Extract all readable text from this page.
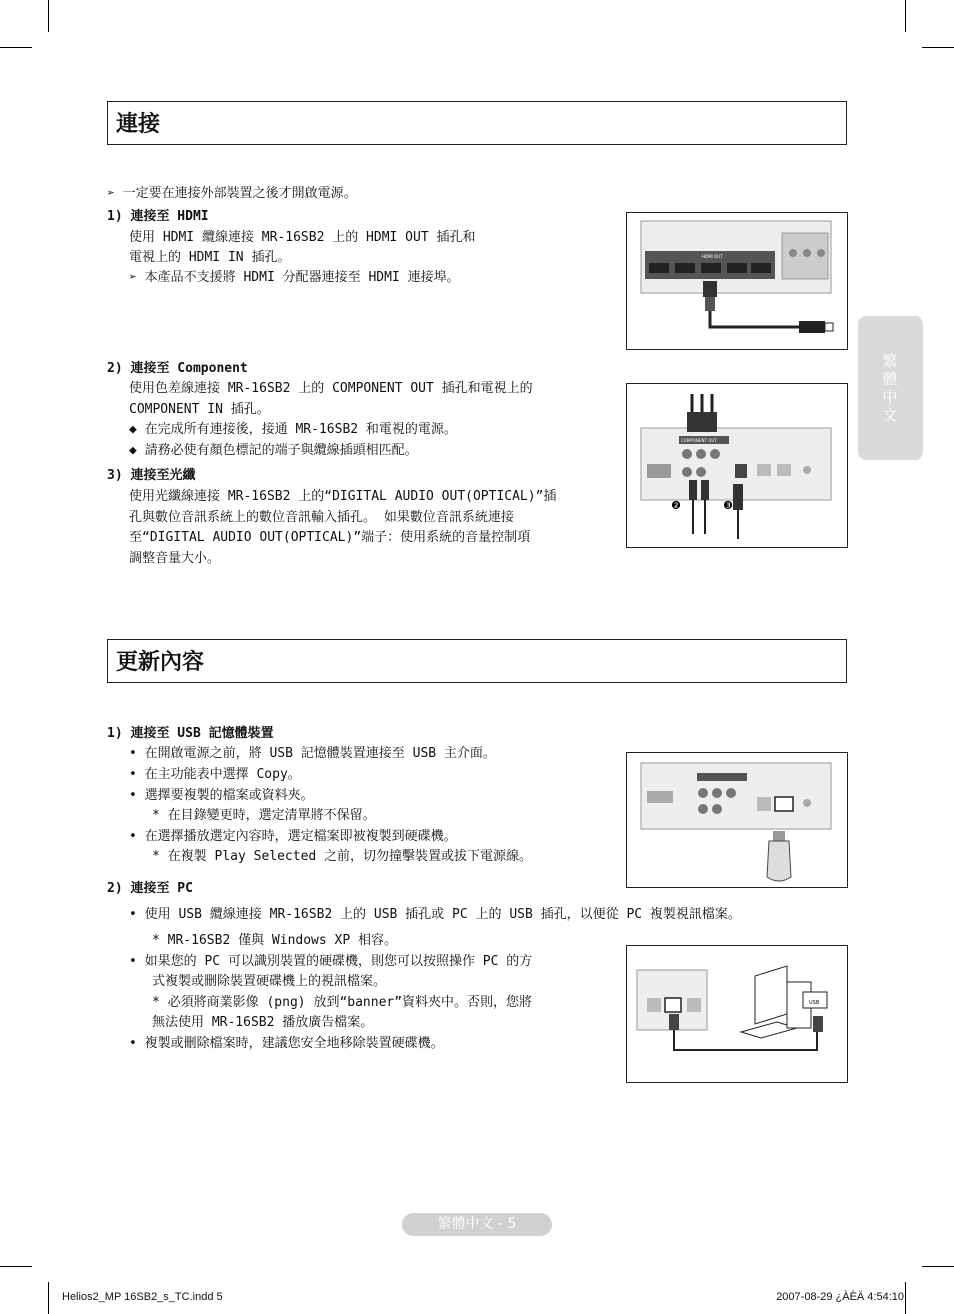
連接
更新內容
➢ 一定要在連接外部裝置之後才開啟電源。
1) 連接至 HDMI
使用 HDMI 纜線連接 MR-16SB2 上的 HDMI OUT 插孔和
電視上的 HDMI IN 插孔。
➢ 本產品不支援將 HDMI 分配器連接至 HDMI 連接埠。
2) 連接至 Component
使用色差線連接 MR-16SB2 上的 COMPONENT OUT 插孔和電視上的
COMPONENT IN 插孔。
◆ 在完成所有連接後，接通 MR-16SB2 和電視的電源。
◆ 請務必使有顏色標記的端子與纜線插頭相匹配。
3) 連接至光纖
使用光纖線連接 MR-16SB2 上的“DIGITAL AUDIO OUT(OPTICAL)”插
孔與數位音訊系統上的數位音訊輸入插孔。 如果數位音訊系統連接
至“DIGITAL AUDIO OUT(OPTICAL)”端子：使用系統的音量控制項
調整音量大小。
1) 連接至 USB 記憶體裝置
• 在開啟電源之前，將 USB 記憶體裝置連接至 USB 主介面。
• 在主功能表中選擇 Copy。
• 選擇要複製的檔案或資料夾。
* 在目錄變更時，選定清單將不保留。
• 在選擇播放選定內容時，選定檔案即被複製到硬碟機。
* 在複製 Play Selected 之前，切勿撞擊裝置或拔下電源線。
2) 連接至 PC
• 使用 USB 纜線連接 MR-16SB2 上的 USB 插孔或 PC 上的 USB 插孔，以便從 PC 複製視訊檔案。
* MR-16SB2 僅與 Windows XP 相容。
• 如果您的 PC 可以識別裝置的硬碟機，則您可以按照操作 PC 的方
式複製或刪除裝置硬碟機上的視訊檔案。
* 必須將商業影像 (png) 放到“banner”資料夾中。否則，您將
無法使用 MR-16SB2 播放廣告檔案。
• 複製或刪除檔案時，建議您安全地移除裝置硬碟機。
HDMI OUT
COMPONENT OUT
❷	❸
USB
繁體中文
繁體中文 - 5
Helios2_MP 16SB2_s_TC.indd 5	2007-08-29 ¿ÀÈÄ 4:54:10
